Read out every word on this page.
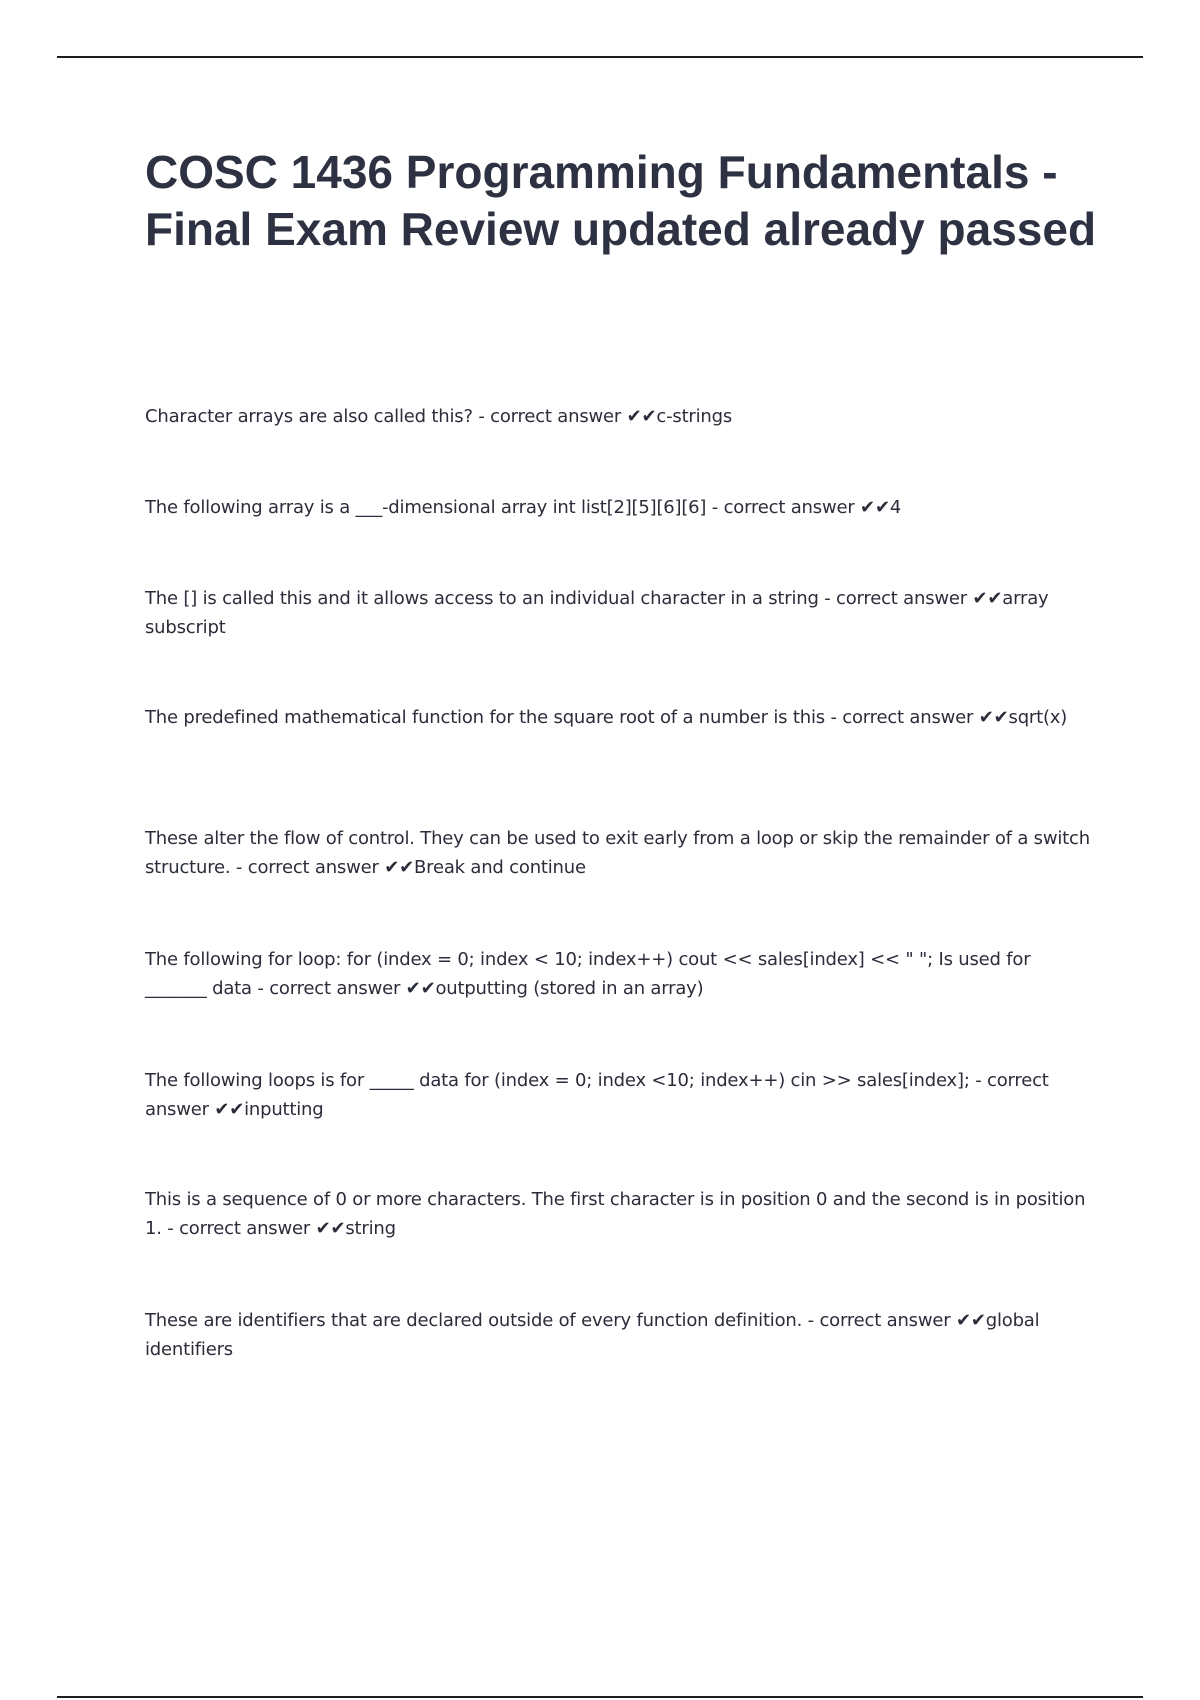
COSC 1436 Programming Fundamentals - Final Exam Review updated already passed

Character arrays are also called this? - correct answer ✔✔c-strings

The following array is a ___-dimensional array int list[2][5][6][6] - correct answer ✔✔4

The [] is called this and it allows access to an individual character in a string - correct answer ✔✔array subscript

The predefined mathematical function for the square root of a number is this - correct answer ✔✔sqrt(x)

These alter the flow of control. They can be used to exit early from a loop or skip the remainder of a switch structure. - correct answer ✔✔Break and continue

The following for loop: for (index = 0; index < 10; index++) cout << sales[index] << " "; Is used for _______ data - correct answer ✔✔outputting (stored in an array)

The following loops is for _____ data for (index = 0; index <10; index++) cin >> sales[index]; - correct answer ✔✔inputting

This is a sequence of 0 or more characters. The first character is in position 0 and the second is in position 1. - correct answer ✔✔string

These are identifiers that are declared outside of every function definition. - correct answer ✔✔global identifiers
